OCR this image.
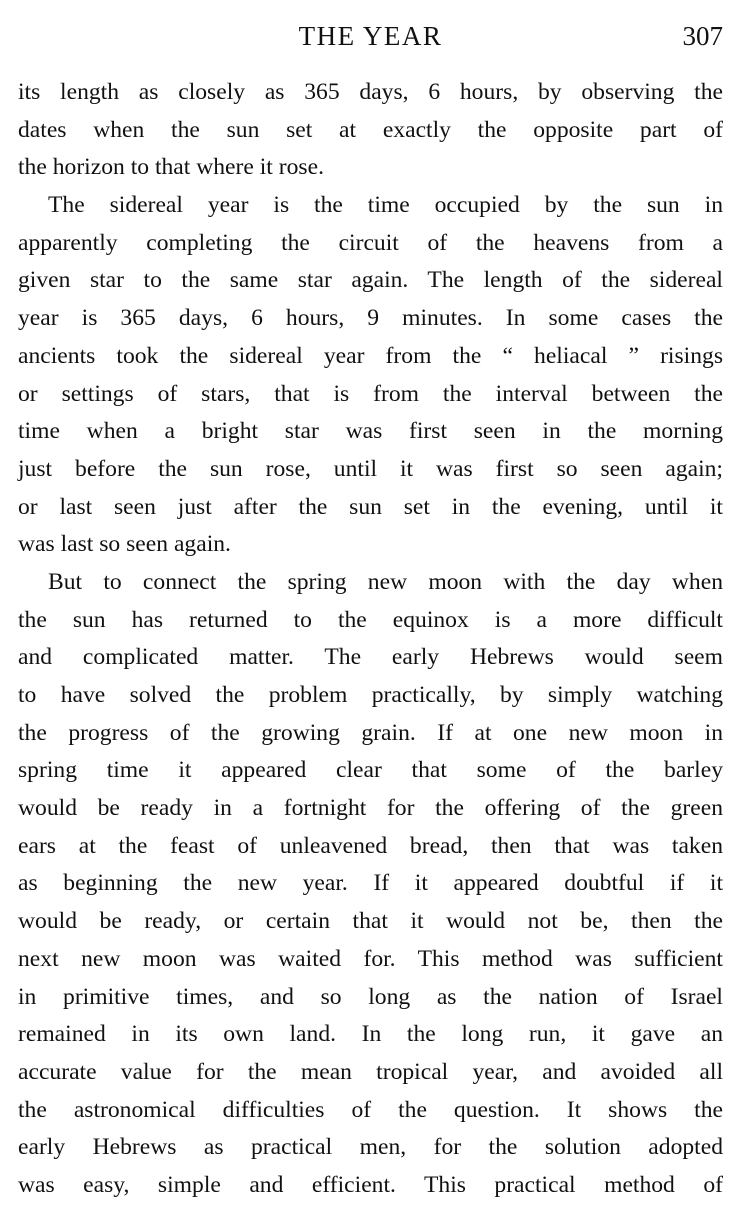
THE YEAR	307
its length as closely as 365 days, 6 hours, by observing the
dates when the sun set at exactly the opposite part of
the horizon to that where it rose.
The sidereal year is the time occupied by the sun in
apparently completing the circuit of the heavens from a
given star to the same star again. The length of the sidereal
year is 365 days, 6 hours, 9 minutes. In some cases the
ancients took the sidereal year from the “ heliacal ” risings
or settings of stars, that is from the interval between the
time when a bright star was first seen in the morning
just before the sun rose, until it was first so seen again;
or last seen just after the sun set in the evening, until it
was last so seen again.
But to connect the spring new moon with the day when
the sun has returned to the equinox is a more difficult
and complicated matter. The early Hebrews would seem
to have solved the problem practically, by simply watching
the progress of the growing grain. If at one new moon in
spring time it appeared clear that some of the barley
would be ready in a fortnight for the offering of the green
ears at the feast of unleavened bread, then that was taken
as beginning the new year. If it appeared doubtful if it
would be ready, or certain that it would not be, then the
next new moon was waited for. This method was sufficient
in primitive times, and so long as the nation of Israel
remained in its own land. In the long run, it gave an
accurate value for the mean tropical year, and avoided all
the astronomical difficulties of the question. It shows the
early Hebrews as practical men, for the solution adopted
was easy, simple and efficient. This practical method of
